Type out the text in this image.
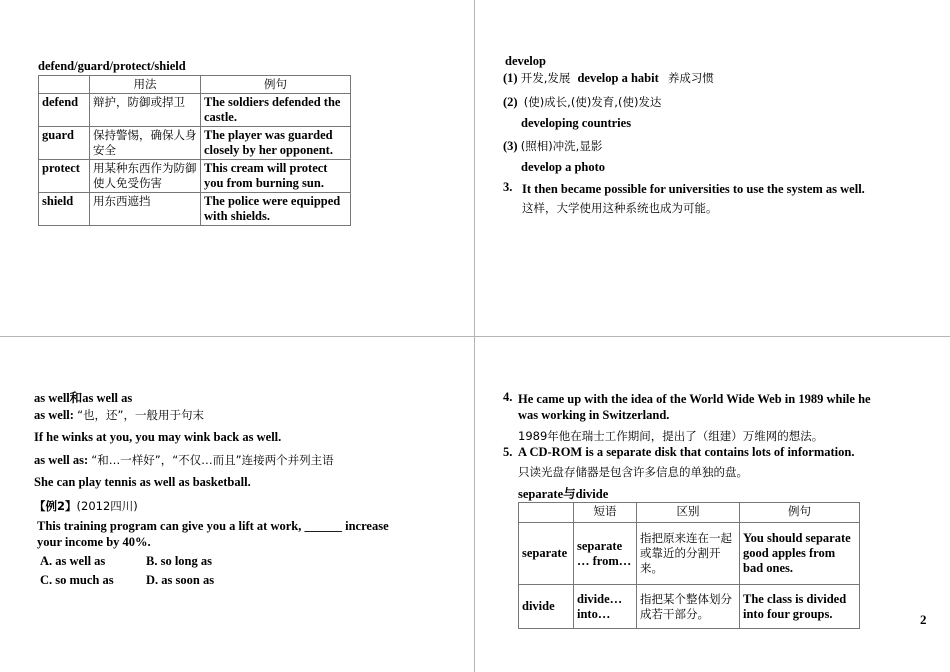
defend/guard/protect/shield
	用法	例句
defend	辩护，防御或捍卫	The soldiers defended the castle.
guard	保持警惕，确保人身安全	The player was guarded closely by her opponent.
protect	用某种东西作为防御使人免受伤害	This cream will protect you from burning sun.
shield	用东西遮挡	The police were equipped with shields.
develop
(1) 开发,发展 develop a habit 养成习惯
(2) (使)成长,(使)发育,(使)发达
developing countries
(3) (照相)冲洗,显影
develop a photo
3. It then became possible for universities to use the system as well.
这样，大学使用这种系统也成为可能。
as well和as well as
as well: “也，还”，一般用于句末
If he winks at you, you may wink back as well.
as well as: “和…一样好”，“不仅…而且”连接两个并列主语
She can play tennis as well as basketball.
【例2】(2012四川)
This training program can give you a lift at work, ______ increase
your income by 40%.
A. as well as	B. so long as
C. so much as	D. as soon as
4. He came up with the idea of the World Wide Web in 1989 while he
was working in Switzerland.
1989年他在瑞士工作期间，提出了（组建）万维网的想法。
5. A CD-ROM is a separate disk that contains lots of information.
只读光盘存储器是包含许多信息的单独的盘。
separate与divide
	短语	区别	例句
separate	separate … from…	指把原来连在一起或靠近的分割开来。	You should separate good apples from bad ones.
divide	divide… into…	指把某个整体划分成若干部分。	The class is divided into four groups.	2
